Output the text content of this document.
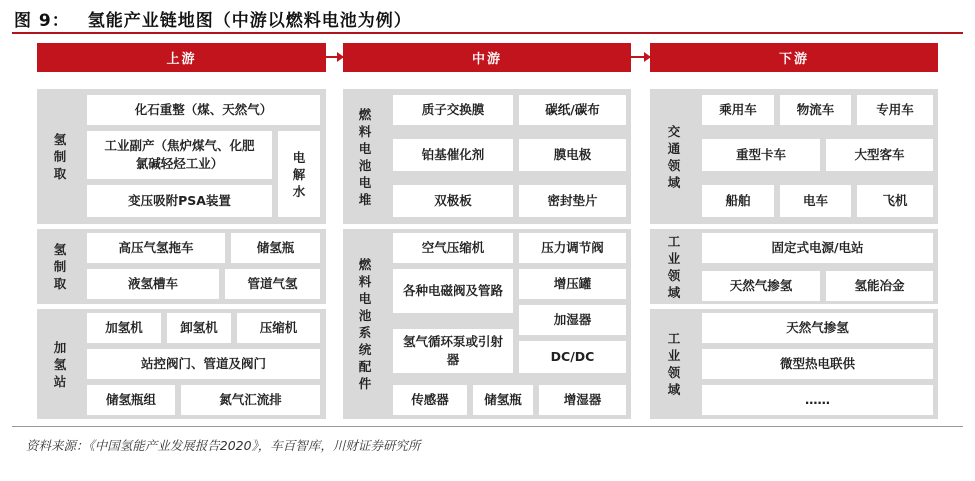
图 9： 氢能产业链地图（中游以燃料电池为例）
上游	中游	下游
氢制取
化石重整（煤、天然气）
工业副产（焦炉煤气、化肥氯碱轻烃工业）
变压吸附PSA装置
电解水
氢制取
高压气氢拖车	储氢瓶
液氢槽车	管道气氢
加氢站
加氢机	卸氢机	压缩机
站控阀门、管道及阀门
储氢瓶组	氮气汇流排
燃料电池电堆
质子交换膜	碳纸/碳布
铂基催化剂	膜电极
双极板	密封垫片
燃料电池系统配件
空气压缩机	压力调节阀
各种电磁阀及管路	增压罐
加湿器
氢气循环泵或引射器	DC/DC
传感器	储氢瓶	增湿器
交通领域
乘用车	物流车	专用车
重型卡车	大型客车
船舶	电车	飞机
工业领域
固定式电源/电站
天然气掺氢	氢能冶金
工业领域
天然气掺氢
微型热电联供
……
资料来源：《中国氢能产业发展报告2020》，车百智库，川财证券研究所
